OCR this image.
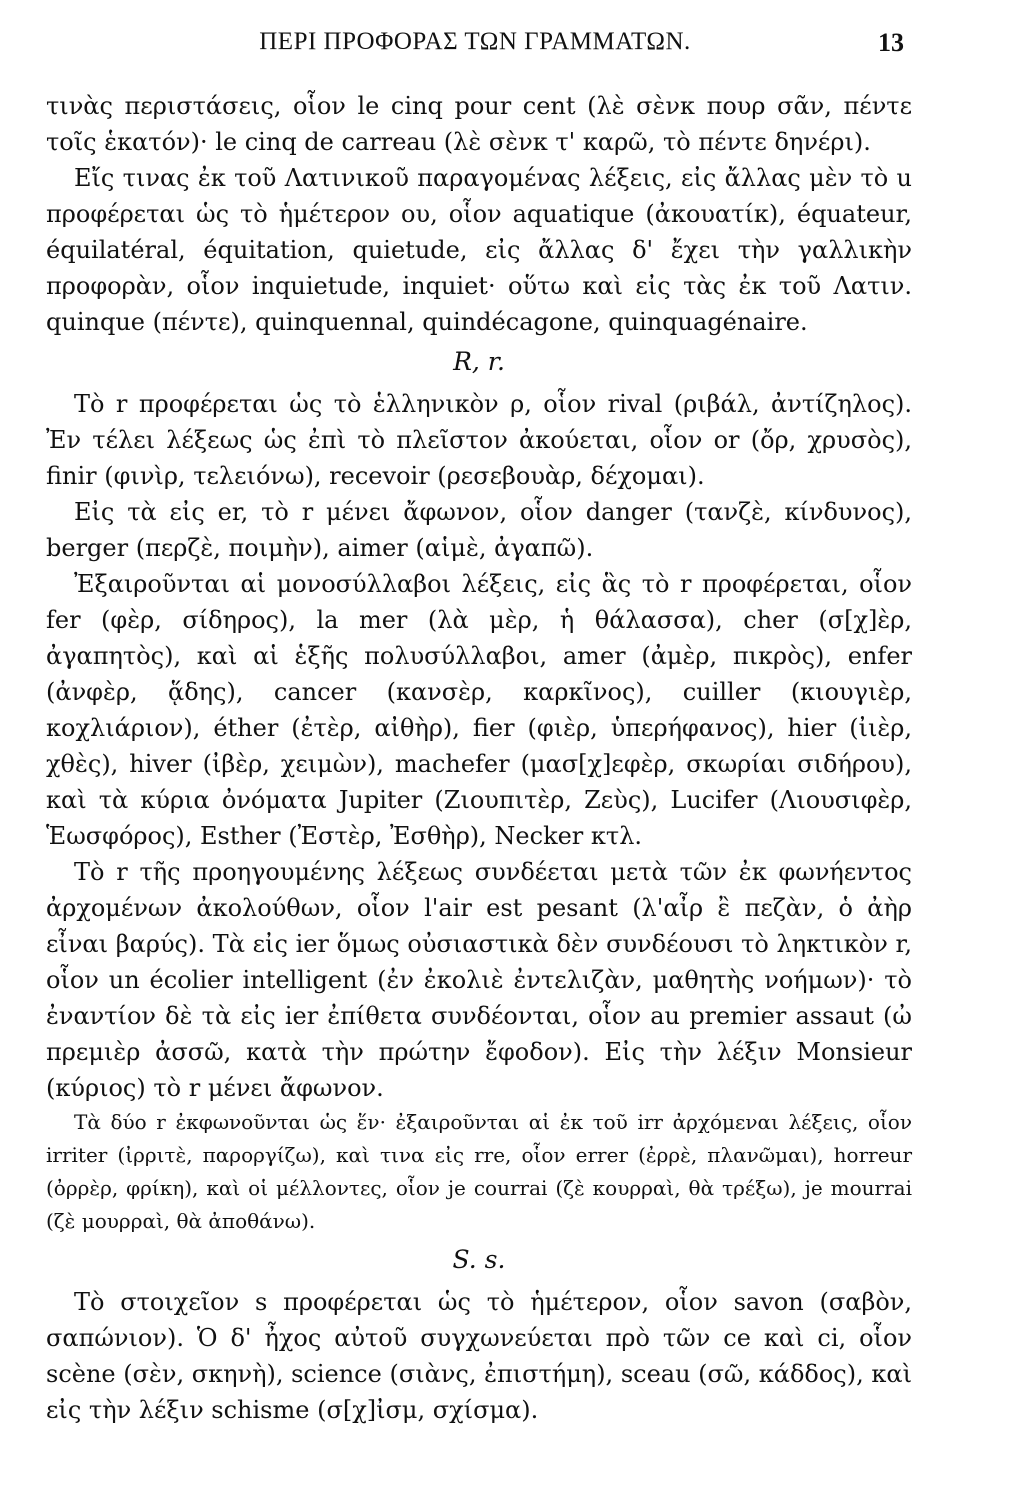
ΠΕΡΙ ΠΡΟΦΟΡΑΣ ΤΩΝ ΓΡΑΜΜΑΤΩΝ.	13

τινὰς περιστάσεις, οἷον le cinq pour cent (λὲ σὲνκ πουρ σᾶν, πέντε τοῖς ἑκατόν)· le cinq de carreau (λὲ σὲνκ τ' καρῶ, τὸ πέντε δηνέρι).

Εἴς τινας ἐκ τοῦ Λατινικοῦ παραγομένας λέξεις, εἰς ἄλλας μὲν τὸ u προφέρεται ὡς τὸ ἡμέτερον ου, οἷον aquatique (ἀκουατίκ), équateur, équilatéral, équitation, quietude, εἰς ἄλλας δ' ἔχει τὴν γαλλικὴν προφορὰν, οἷον inquietude, inquiet· οὕτω καὶ εἰς τὰς ἐκ τοῦ Λατιν. quinque (πέντε), quinquennal, quindécagone, quinquagénaire.

R, r.

Τὸ r προφέρεται ὡς τὸ ἑλληνικὸν ρ, οἷον rival (ριβάλ, ἀντίζηλος). Ἐν τέλει λέξεως ὡς ἐπὶ τὸ πλεῖστον ἀκούεται, οἷον or (ὄρ, χρυσὸς), finir (φινὶρ, τελειόνω), recevoir (ρεσεβουὰρ, δέχομαι).

Εἰς τὰ εἰς er, τὸ r μένει ἄφωνον, οἷον danger (τανζὲ, κίνδυνος), berger (περζὲ, ποιμὴν), aimer (αἱμὲ, ἀγαπῶ).

Ἐξαιροῦνται αἱ μονοσύλλαβοι λέξεις, εἰς ἃς τὸ r προφέρεται, οἷον fer (φὲρ, σίδηρος), la mer (λὰ μὲρ, ἡ θάλασσα), cher (σ[χ]ὲρ, ἀγαπητὸς), καὶ αἱ ἑξῆς πολυσύλλαβοι, amer (ἀμὲρ, πικρὸς), enfer (ἀνφὲρ, ᾅδης), cancer (κανσὲρ, καρκῖνος), cuiller (κιουγιὲρ, κοχλιάριον), éther (ἐτὲρ, αἰθὴρ), fier (φιὲρ, ὑπερήφανος), hier (ἰιὲρ, χθὲς), hiver (ἰβὲρ, χειμὼν), machefer (μασ[χ]εφὲρ, σκωρίαι σιδήρου), καὶ τὰ κύρια ὀνόματα Jupiter (Ζιουπιτὲρ, Ζεὺς), Lucifer (Λιουσιφὲρ, Ἑωσφόρος), Esther (Ἐστὲρ, Ἐσθὴρ), Necker κτλ.

Τὸ r τῆς προηγουμένης λέξεως συνδέεται μετὰ τῶν ἐκ φωνήεντος ἀρχομένων ἀκολούθων, οἷον l'air est pesant (λ'αἶρ ἒ πεζὰν, ὁ ἀὴρ εἶναι βαρύς). Τὰ εἰς ier ὅμως οὐσιαστικὰ δὲν συνδέουσι τὸ ληκτικὸν r, οἷον un écolier intelligent (ἐν ἐκολιὲ ἐντελιζὰν, μαθητὴς νοήμων)· τὸ ἐναντίον δὲ τὰ εἰς ier ἐπίθετα συνδέονται, οἷον au premier assaut (ὠ πρεμιὲρ ἀσσῶ, κατὰ τὴν πρώτην ἔφοδον). Εἰς τὴν λέξιν Monsieur (κύριος) τὸ r μένει ἄφωνον.

Τὰ δύο r ἐκφωνοῦνται ὡς ἕν· ἐξαιροῦνται αἱ ἐκ τοῦ irr ἀρχόμεναι λέξεις, οἷον irriter (ἰρριτὲ, παροργίζω), καὶ τινα εἰς rre, οἷον errer (ἐρρὲ, πλανῶμαι), horreur (ὀρρὲρ, φρίκη), καὶ οἱ μέλλοντες, οἷον je courrai (ζὲ κουρραὶ, θὰ τρέξω), je mourrai (ζὲ μουρραὶ, θὰ ἀποθάνω).

S. s.

Τὸ στοιχεῖον s προφέρεται ὡς τὸ ἡμέτερον, οἷον savon (σαβὸν, σαπώνιον). Ὁ δ' ἦχος αὐτοῦ συγχωνεύεται πρὸ τῶν ce καὶ ci, οἷον scène (σὲν, σκηνὴ), science (σιὰνς, ἐπιστήμη), sceau (σῶ, κάδδος), καὶ εἰς τὴν λέξιν schisme (σ[χ]ἰσμ, σχίσμα).
